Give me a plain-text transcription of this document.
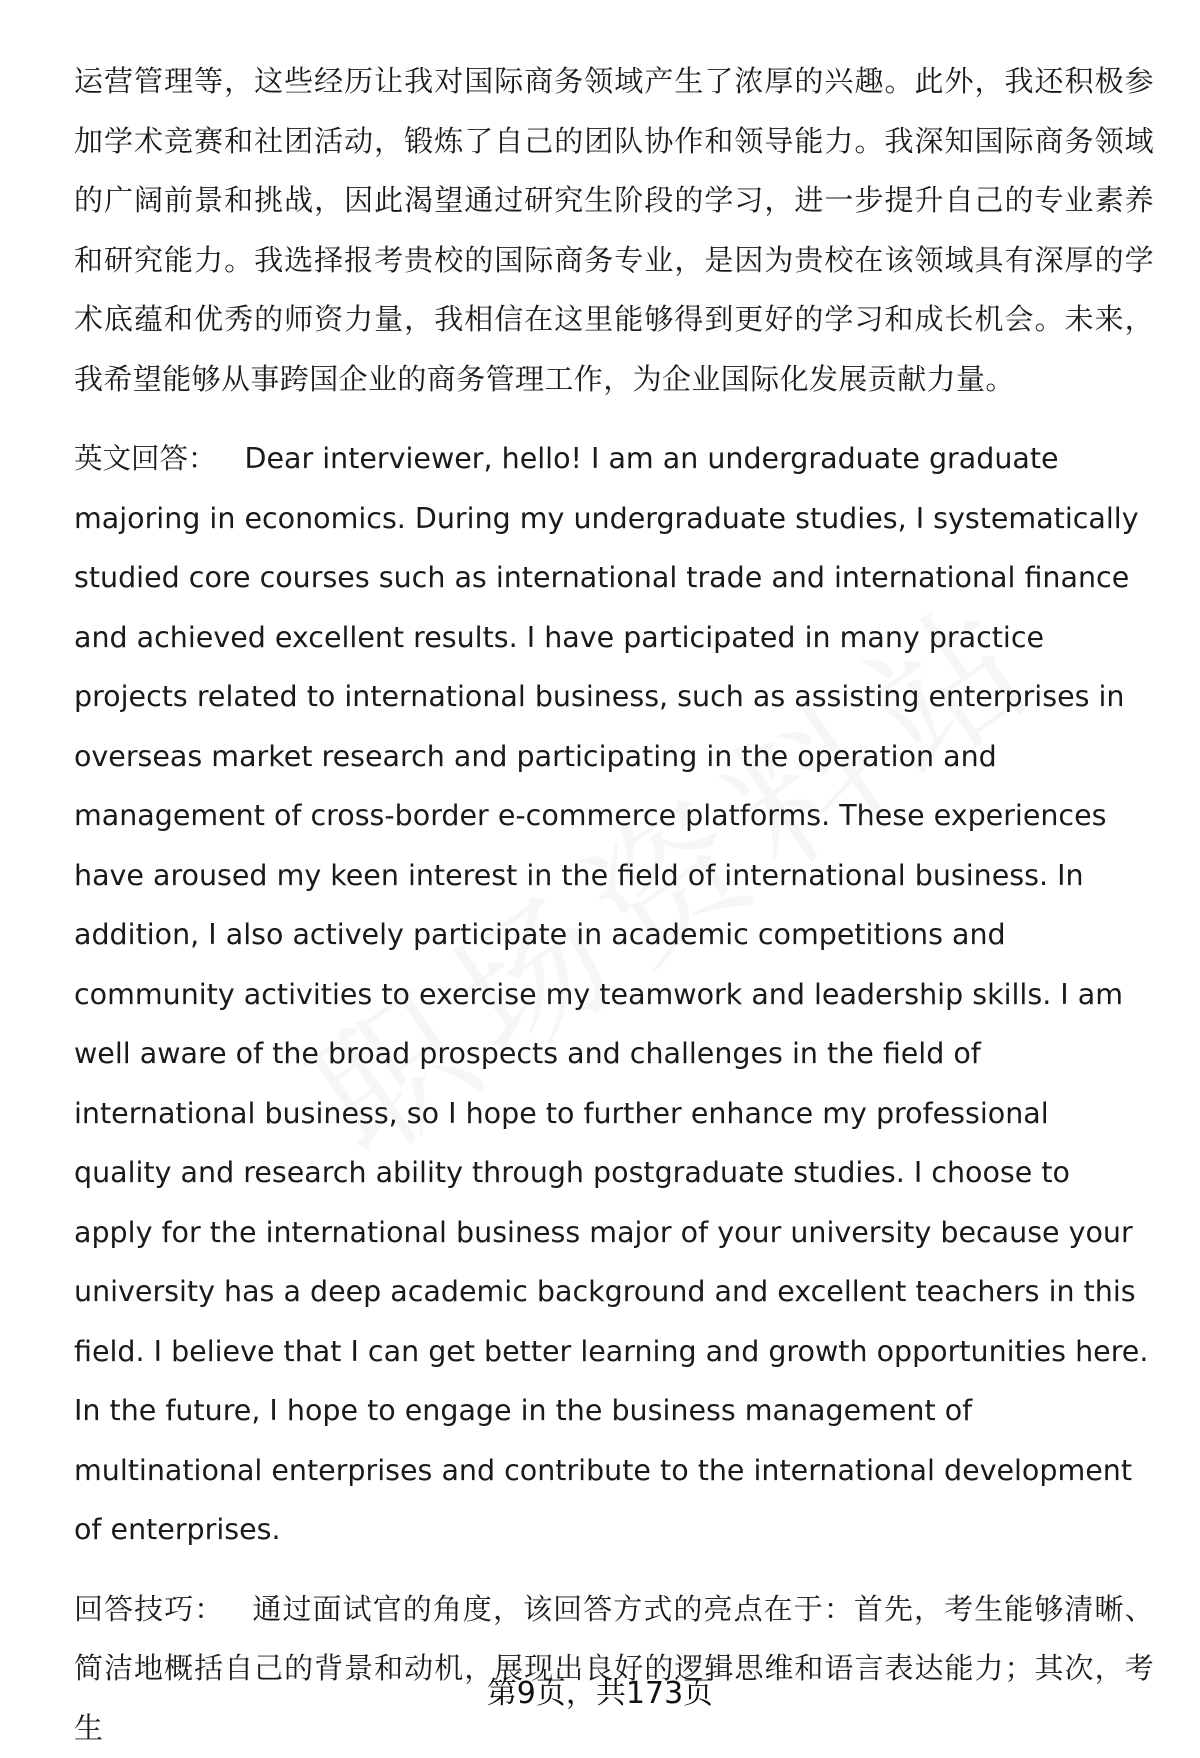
运营管理等，这些经历让我对国际商务领域产生了浓厚的兴趣。此外，我还积极参加学术竞赛和社团活动，锻炼了自己的团队协作和领导能力。我深知国际商务领域的广阔前景和挑战，因此渴望通过研究生阶段的学习，进一步提升自己的专业素养和研究能力。我选择报考贵校的国际商务专业，是因为贵校在该领域具有深厚的学术底蕴和优秀的师资力量，我相信在这里能够得到更好的学习和成长机会。未来，我希望能够从事跨国企业的商务管理工作，为企业国际化发展贡献力量。

英文回答： Dear interviewer, hello! I am an undergraduate graduate majoring in economics. During my undergraduate studies, I systematically studied core courses such as international trade and international finance and achieved excellent results. I have participated in many practice projects related to international business, such as assisting enterprises in overseas market research and participating in the operation and management of cross-border e-commerce platforms. These experiences have aroused my keen interest in the field of international business. In addition, I also actively participate in academic competitions and community activities to exercise my teamwork and leadership skills. I am well aware of the broad prospects and challenges in the field of international business, so I hope to further enhance my professional quality and research ability through postgraduate studies. I choose to apply for the international business major of your university because your university has a deep academic background and excellent teachers in this field. I believe that I can get better learning and growth opportunities here. In the future, I hope to engage in the business management of multinational enterprises and contribute to the international development of enterprises.

回答技巧： 通过面试官的角度，该回答方式的亮点在于：首先，考生能够清晰、简洁地概括自己的背景和动机，展现出良好的逻辑思维和语言表达能力；其次，考生

第9页，共173页
